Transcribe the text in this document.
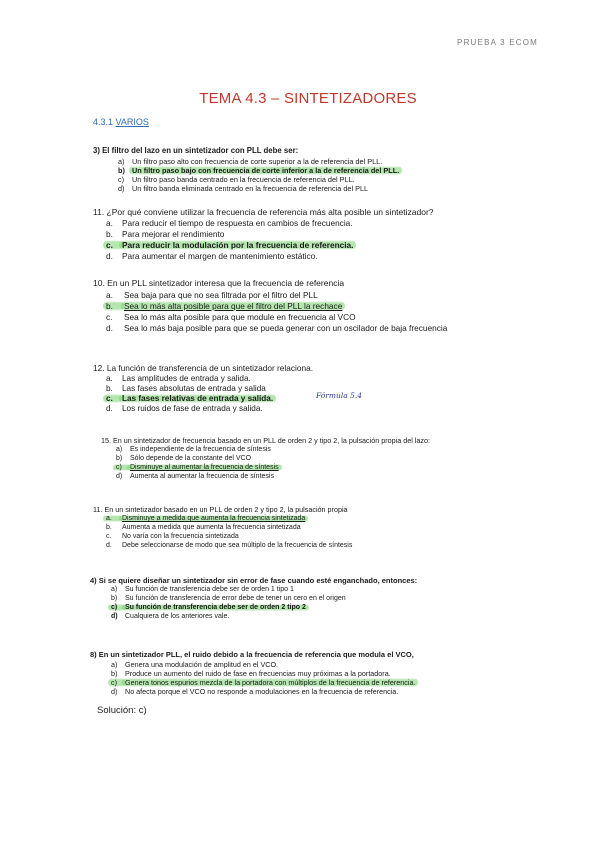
PRUEBA 3 ECOM
TEMA 4.3 – SINTETIZADORES
4.3.1 VARIOS
3) El filtro del lazo en un sintetizador con PLL debe ser:
a) Un filtro paso alto con frecuencia de corte superior a la de referencia del PLL.
b) Un filtro paso bajo con frecuencia de corte inferior a la de referencia del PLL.
c) Un filtro paso banda centrado en la frecuencia de referencia del PLL.
d) Un filtro banda eliminada centrado en la frecuencia de referencia del PLL
11. ¿Por qué conviene utilizar la frecuencia de referencia más alta posible un sintetizador?
a. Para reducir el tiempo de respuesta en cambios de frecuencia.
b. Para mejorar el rendimiento
c. Para reducir la modulación por la frecuencia de referencia.
d. Para aumentar el margen de mantenimiento estático.
10. En un PLL sintetizador interesa que la frecuencia de referencia
a. Sea baja para que no sea filtrada por el filtro del PLL
b. Sea lo más alta posible para que el filtro del PLL la rechace
c. Sea lo más alta posible para que module en frecuencia al VCO
d. Sea lo más baja posible para que se pueda generar con un oscilador de baja frecuencia
12. La función de transferencia de un sintetizador relaciona.
a. Las amplitudes de entrada y salida.
b. Las fases absolutas de entrada y salida
c. Las fases relativas de entrada y salida.
d. Los ruidos de fase de entrada y salida.
Fórmula 5.4
15. En un sintetizador de frecuencia basado en un PLL de orden 2 y tipo 2, la pulsación propia del lazo:
a) Es independiente de la frecuencia de síntesis
b) Sólo depende de la constante del VCO
c) Disminuye al aumentar la frecuencia de síntesis
d) Aumenta al aumentar la frecuencia de síntesis
11. En un sintetizador basado en un PLL de orden 2 y tipo 2, la pulsación propia
a. Disminuye a medida que aumenta la frecuencia sintetizada
b. Aumenta a medida que aumenta la frecuencia sintetizada
c. No varía con la frecuencia sintetizada
d. Debe seleccionarse de modo que sea múltiplo de la frecuencia de síntesis
4) Si se quiere diseñar un sintetizador sin error de fase cuando esté enganchado, entonces:
a) Su función de transferencia debe ser de orden 1 tipo 1
b) Su función de transferencia de error debe de tener un cero en el origen
c) Su función de transferencia debe ser de orden 2 tipo 2
d) Cualquiera de los anteriores vale.
8) En un sintetizador PLL, el ruido debido a la frecuencia de referencia que modula el VCO,
a) Genera una modulación de amplitud en el VCO.
b) Produce un aumento del ruido de fase en frecuencias muy próximas a la portadora.
c) Genera tonos espurios mezcla de la portadora con múltiplos de la frecuencia de referencia.
d) No afecta porque el VCO no responde a modulaciones en la frecuencia de referencia.
Solución: c)
